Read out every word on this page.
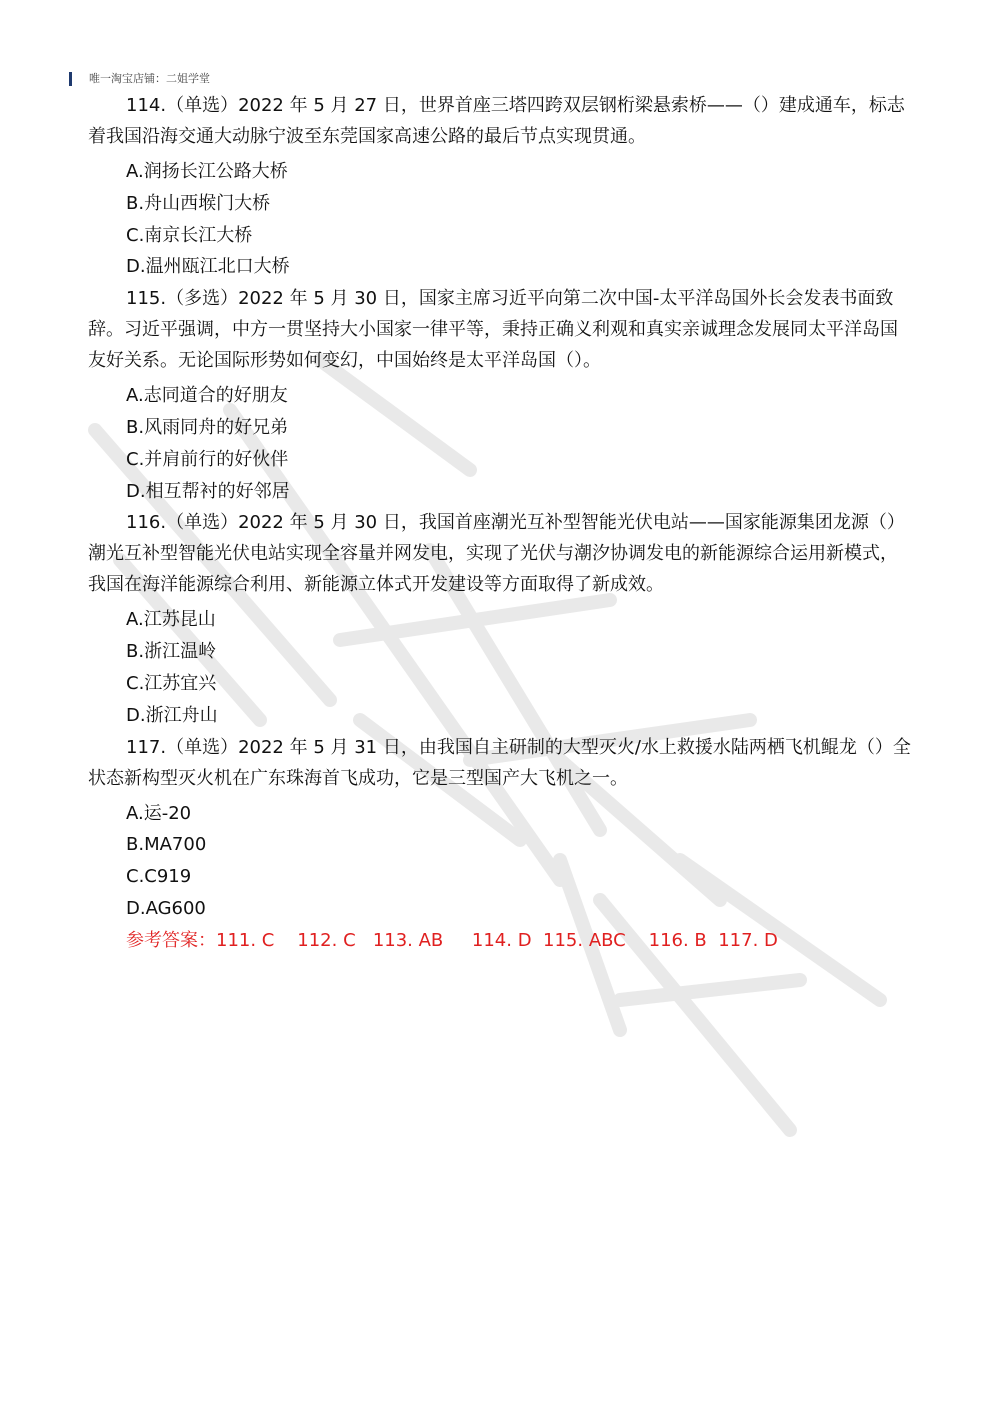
唯一淘宝店铺：二姐学堂

114.（单选）2022 年 5 月 27 日，世界首座三塔四跨双层钢桁梁悬索桥——（）建成通车，标志着我国沿海交通大动脉宁波至东莞国家高速公路的最后节点实现贯通。

A.润扬长江公路大桥

B.舟山西堠门大桥

C.南京长江大桥

D.温州瓯江北口大桥

115.（多选）2022 年 5 月 30 日，国家主席习近平向第二次中国-太平洋岛国外长会发表书面致辞。习近平强调，中方一贯坚持大小国家一律平等，秉持正确义利观和真实亲诚理念发展同太平洋岛国友好关系。无论国际形势如何变幻，中国始终是太平洋岛国（）。

A.志同道合的好朋友

B.风雨同舟的好兄弟

C.并肩前行的好伙伴

D.相互帮衬的好邻居

116.（单选）2022 年 5 月 30 日，我国首座潮光互补型智能光伏电站——国家能源集团龙源（）潮光互补型智能光伏电站实现全容量并网发电，实现了光伏与潮汐协调发电的新能源综合运用新模式，我国在海洋能源综合利用、新能源立体式开发建设等方面取得了新成效。

A.江苏昆山

B.浙江温岭

C.江苏宜兴

D.浙江舟山

117.（单选）2022 年 5 月 31 日，由我国自主研制的大型灭火/水上救援水陆两栖飞机鲲龙（）全状态新构型灭火机在广东珠海首飞成功，它是三型国产大飞机之一。

A.运-20

B.MA700

C.C919

D.AG600

参考答案：111. C 112. C 113. AB 114. D 115. ABC 116. B 117. D
